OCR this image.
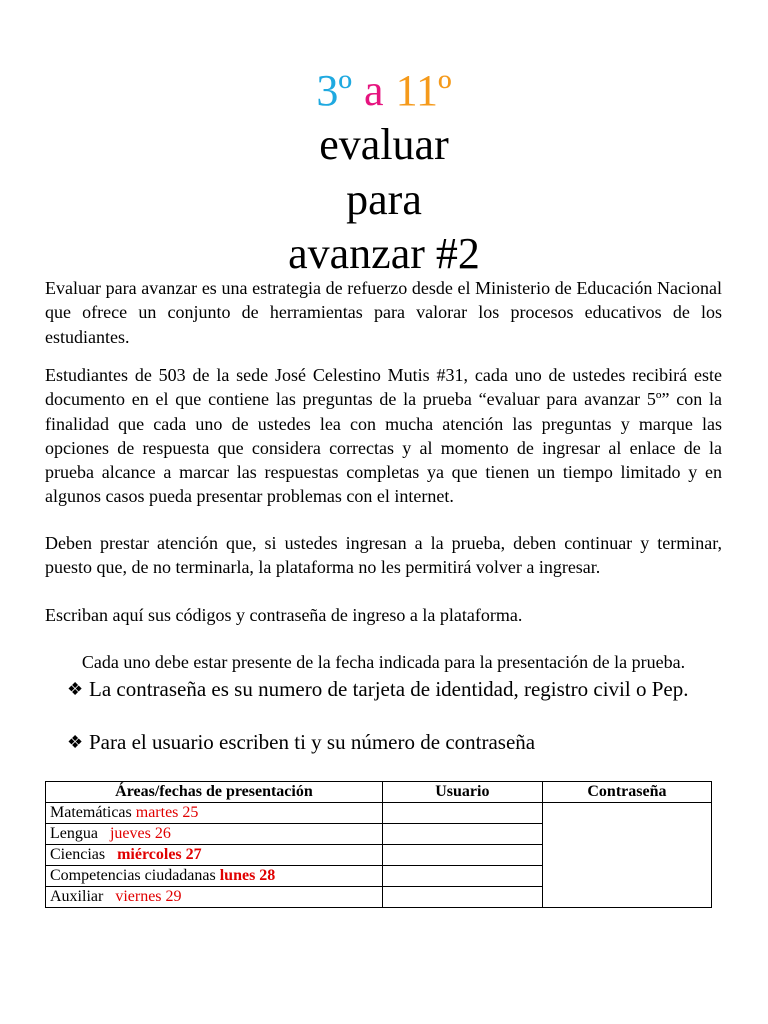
3º a 11º
evaluar
para
avanzar #2
Evaluar para avanzar es una estrategia de refuerzo desde el Ministerio de Educación Nacional que ofrece un conjunto de herramientas para valorar los procesos educativos de los estudiantes.
Estudiantes de 503 de la sede José Celestino Mutis #31, cada uno de ustedes recibirá este documento en el que contiene las preguntas de la prueba “evaluar para avanzar 5º” con la finalidad que cada uno de ustedes lea con mucha atención las preguntas y marque las opciones de respuesta que considera correctas y al momento de ingresar al enlace de la prueba alcance a marcar las respuestas completas ya que tienen un tiempo limitado y en algunos casos pueda presentar problemas con el internet.
Deben prestar atención que, si ustedes ingresan a la prueba, deben continuar y terminar, puesto que, de no terminarla, la plataforma no les permitirá volver a ingresar.
Escriban aquí sus códigos y contraseña de ingreso a la plataforma.
Cada uno debe estar presente de la fecha indicada para la presentación de la prueba.
❖ La contraseña es su numero de tarjeta de identidad, registro civil o Pep.
❖ Para el usuario escriben ti y su número de contraseña
Áreas/fechas de presentación	Usuario	Contraseña
Matemáticas martes 25		
Lengua jueves 26		
Ciencias miércoles 27		
Competencias ciudadanas lunes 28		
Auxiliar viernes 29		
